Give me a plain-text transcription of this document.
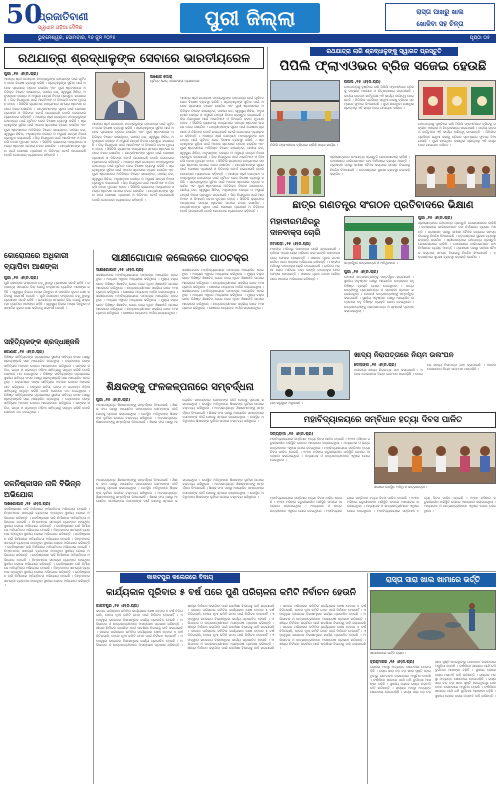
50
ପ୍ରଜାତିବାଣୀ
ସ୍ୱାଧୀନ ଓଡ଼ିଆ ଦୈନିକ	ପୁରୀ ଜିଲ୍ଲା	ରାସ୍ତା ପାଖରୁ ଖାଲ
ଖୋଳିବା ସହ ଚିନ୍ତା
ଭୁବନେଶ୍ୱର, ସୋମବାର, ୧୬ ଜୁନ ୨୦୨୫	ପୃଷ୍ଠା ୦୫
ରଥଯାତ୍ରା ଶ୍ରଦ୍ଧାଳୁଙ୍କ ସେବାରେ ଭାରତୀୟରେଳ
ପୁରୀ ,୧୫ ।୬(ନି.ପ୍ର)
ଆସନ୍ତା ଶ୍ରୀ ଜଗନ୍ନାଥ ମହାପ୍ରଭୁଙ୍କ ରଥଯାତ୍ରା ପାଇଁ ପୂର୍ବତଟ ରେଳ ବିଶେଷ ବ୍ୟବସ୍ଥା କରିଛି । ଶ୍ରଦ୍ଧାଳୁଙ୍କ ସୁବିଧା ପାଇଁ ଅନେକ ସ୍ପେସାଲ ଟ୍ରେନ ଚଳାଯିବ ଏବଂ ପୁରୀ ଷ୍ଟେସନରେ ଅତିରିକ୍ତ ଟିକେଟ କାଉଣ୍ଟର, ପାନୀୟ ଜଳ, ସ୍ୱାସ୍ଥ୍ୟ ଶିବିର, ଅନୁସନ୍ଧାନ କେନ୍ଦ୍ର ଓ ଅସ୍ଥାୟୀ ଯାତ୍ରୀ ନିବାସ ପ୍ରସ୍ତୁତ କରାଯାଇଛି । ଭିଡ଼ ନିୟନ୍ତ୍ରଣ ପାଇଁ ଆରପିଏଫ ଓ ଜିଆରପି ଜବାନ ମୁତୟନ ହେବେ । ସିସିଟିଭି କ୍ୟାମେରା ମାଧ୍ୟମରେ ସମଗ୍ର ଷ୍ଟେସନ ଉପରେ ନଜର ରଖାଯିବ । ଯାତ୍ରୀମାନଙ୍କ ସୂଚନା ପାଇଁ ଘୋଷଣା ପ୍ରଣାଳୀ ଓ ଡିଜିଟାଲ ବୋର୍ଡ ଲଗାଯାଇଛି ବୋଲି ଜେନେରାଲ ମ୍ୟାନେଜର କହିଛନ୍ତି । ଆସନ୍ତା ଶ୍ରୀ ଜଗନ୍ନାଥ ମହାପ୍ରଭୁଙ୍କ ରଥଯାତ୍ରା ପାଇଁ ପୂର୍ବତଟ ରେଳ ବିଶେଷ ବ୍ୟବସ୍ଥା କରିଛି । ଶ୍ରଦ୍ଧାଳୁଙ୍କ ସୁବିଧା ପାଇଁ ଅନେକ ସ୍ପେସାଲ ଟ୍ରେନ ଚଳାଯିବ ଏବଂ ପୁରୀ ଷ୍ଟେସନରେ ଅତିରିକ୍ତ ଟିକେଟ କାଉଣ୍ଟର, ପାନୀୟ ଜଳ, ସ୍ୱାସ୍ଥ୍ୟ ଶିବିର, ଅନୁସନ୍ଧାନ କେନ୍ଦ୍ର ଓ ଅସ୍ଥାୟୀ ଯାତ୍ରୀ ନିବାସ ପ୍ରସ୍ତୁତ କରାଯାଇଛି । ଭିଡ଼ ନିୟନ୍ତ୍ରଣ ପାଇଁ ଆରପିଏଫ ଓ ଜିଆରପି ଜବାନ ମୁତୟନ ହେବେ । ସିସିଟିଭି କ୍ୟାମେରା ମାଧ୍ୟମରେ ସମଗ୍ର ଷ୍ଟେସନ ଉପରେ ନଜର ରଖାଯିବ । ଯାତ୍ରୀମାନଙ୍କ ସୂଚନା ପାଇଁ ଘୋଷଣା ପ୍ରଣାଳୀ ଓ ଡିଜିଟାଲ ବୋର୍ଡ ଲଗାଯାଇଛି ବୋଲି ଜେନେରାଲ ମ୍ୟାନେଜର କହିଛନ୍ତି ।
ଅଶୋକ ଦୋରା
ପୂର୍ବତଟ ରେଳ, ଜେନେରାଲ ମ୍ୟାନେଜର
ଆସନ୍ତା ଶ୍ରୀ ଜଗନ୍ନାଥ ମହାପ୍ରଭୁଙ୍କ ରଥଯାତ୍ରା ପାଇଁ ପୂର୍ବତଟ ରେଳ ବିଶେଷ ବ୍ୟବସ୍ଥା କରିଛି । ଶ୍ରଦ୍ଧାଳୁଙ୍କ ସୁବିଧା ପାଇଁ ଅନେକ ସ୍ପେସାଲ ଟ୍ରେନ ଚଳାଯିବ ଏବଂ ପୁରୀ ଷ୍ଟେସନରେ ଅତିରିକ୍ତ ଟିକେଟ କାଉଣ୍ଟର, ପାନୀୟ ଜଳ, ସ୍ୱାସ୍ଥ୍ୟ ଶିବିର, ଅନୁସନ୍ଧାନ କେନ୍ଦ୍ର ଓ ଅସ୍ଥାୟୀ ଯାତ୍ରୀ ନିବାସ ପ୍ରସ୍ତୁତ କରାଯାଇଛି । ଭିଡ଼ ନିୟନ୍ତ୍ରଣ ପାଇଁ ଆରପିଏଫ ଓ ଜିଆରପି ଜବାନ ମୁତୟନ ହେବେ । ସିସିଟିଭି କ୍ୟାମେରା ମାଧ୍ୟମରେ ସମଗ୍ର ଷ୍ଟେସନ ଉପରେ ନଜର ରଖାଯିବ । ଯାତ୍ରୀମାନଙ୍କ ସୂଚନା ପାଇଁ ଘୋଷଣା ପ୍ରଣାଳୀ ଓ ଡିଜିଟାଲ ବୋର୍ଡ ଲଗାଯାଇଛି ବୋଲି ଜେନେରାଲ ମ୍ୟାନେଜର କହିଛନ୍ତି । ଆସନ୍ତା ଶ୍ରୀ ଜଗନ୍ନାଥ ମହାପ୍ରଭୁଙ୍କ ରଥଯାତ୍ରା ପାଇଁ ପୂର୍ବତଟ ରେଳ ବିଶେଷ ବ୍ୟବସ୍ଥା କରିଛି । ଶ୍ରଦ୍ଧାଳୁଙ୍କ ସୁବିଧା ପାଇଁ ଅନେକ ସ୍ପେସାଲ ଟ୍ରେନ ଚଳାଯିବ ଏବଂ ପୁରୀ ଷ୍ଟେସନରେ ଅତିରିକ୍ତ ଟିକେଟ କାଉଣ୍ଟର, ପାନୀୟ ଜଳ, ସ୍ୱାସ୍ଥ୍ୟ ଶିବିର, ଅନୁସନ୍ଧାନ କେନ୍ଦ୍ର ଓ ଅସ୍ଥାୟୀ ଯାତ୍ରୀ ନିବାସ ପ୍ରସ୍ତୁତ କରାଯାଇଛି । ଭିଡ଼ ନିୟନ୍ତ୍ରଣ ପାଇଁ ଆରପିଏଫ ଓ ଜିଆରପି ଜବାନ ମୁତୟନ ହେବେ । ସିସିଟିଭି କ୍ୟାମେରା ମାଧ୍ୟମରେ ସମଗ୍ର ଷ୍ଟେସନ ଉପରେ ନଜର ରଖାଯିବ । ଯାତ୍ରୀମାନଙ୍କ ସୂଚନା ପାଇଁ ଘୋଷଣା ପ୍ରଣାଳୀ ଓ ଡିଜିଟାଲ ବୋର୍ଡ ଲଗାଯାଇଛି ବୋଲି ଜେନେରାଲ ମ୍ୟାନେଜର କହିଛନ୍ତି ।
ଆସନ୍ତା ଶ୍ରୀ ଜଗନ୍ନାଥ ମହାପ୍ରଭୁଙ୍କ ରଥଯାତ୍ରା ପାଇଁ ପୂର୍ବତଟ ରେଳ ବିଶେଷ ବ୍ୟବସ୍ଥା କରିଛି । ଶ୍ରଦ୍ଧାଳୁଙ୍କ ସୁବିଧା ପାଇଁ ଅନେକ ସ୍ପେସାଲ ଟ୍ରେନ ଚଳାଯିବ ଏବଂ ପୁରୀ ଷ୍ଟେସନରେ ଅତିରିକ୍ତ ଟିକେଟ କାଉଣ୍ଟର, ପାନୀୟ ଜଳ, ସ୍ୱାସ୍ଥ୍ୟ ଶିବିର, ଅନୁସନ୍ଧାନ କେନ୍ଦ୍ର ଓ ଅସ୍ଥାୟୀ ଯାତ୍ରୀ ନିବାସ ପ୍ରସ୍ତୁତ କରାଯାଇଛି । ଭିଡ଼ ନିୟନ୍ତ୍ରଣ ପାଇଁ ଆରପିଏଫ ଓ ଜିଆରପି ଜବାନ ମୁତୟନ ହେବେ । ସିସିଟିଭି କ୍ୟାମେରା ମାଧ୍ୟମରେ ସମଗ୍ର ଷ୍ଟେସନ ଉପରେ ନଜର ରଖାଯିବ । ଯାତ୍ରୀମାନଙ୍କ ସୂଚନା ପାଇଁ ଘୋଷଣା ପ୍ରଣାଳୀ ଓ ଡିଜିଟାଲ ବୋର୍ଡ ଲଗାଯାଇଛି ବୋଲି ଜେନେରାଲ ମ୍ୟାନେଜର କହିଛନ୍ତି । ଆସନ୍ତା ଶ୍ରୀ ଜଗନ୍ନାଥ ମହାପ୍ରଭୁଙ୍କ ରଥଯାତ୍ରା ପାଇଁ ପୂର୍ବତଟ ରେଳ ବିଶେଷ ବ୍ୟବସ୍ଥା କରିଛି । ଶ୍ରଦ୍ଧାଳୁଙ୍କ ସୁବିଧା ପାଇଁ ଅନେକ ସ୍ପେସାଲ ଟ୍ରେନ ଚଳାଯିବ ଏବଂ ପୁରୀ ଷ୍ଟେସନରେ ଅତିରିକ୍ତ ଟିକେଟ କାଉଣ୍ଟର, ପାନୀୟ ଜଳ, ସ୍ୱାସ୍ଥ୍ୟ ଶିବିର, ଅନୁସନ୍ଧାନ କେନ୍ଦ୍ର ଓ ଅସ୍ଥାୟୀ ଯାତ୍ରୀ ନିବାସ ପ୍ରସ୍ତୁତ କରାଯାଇଛି । ଭିଡ଼ ନିୟନ୍ତ୍ରଣ ପାଇଁ ଆରପିଏଫ ଓ ଜିଆରପି ଜବାନ ମୁତୟନ ହେବେ । ସିସିଟିଭି କ୍ୟାମେରା ମାଧ୍ୟମରେ ସମଗ୍ର ଷ୍ଟେସନ ଉପରେ ନଜର ରଖାଯିବ । ଯାତ୍ରୀମାନଙ୍କ ସୂଚନା ପାଇଁ ଘୋଷଣା ପ୍ରଣାଳୀ ଓ ଡିଜିଟାଲ ବୋର୍ଡ ଲଗାଯାଇଛି ବୋଲି ଜେନେରାଲ ମ୍ୟାନେଜର କହିଛନ୍ତି । ଆସନ୍ତା ଶ୍ରୀ ଜଗନ୍ନାଥ ମହାପ୍ରଭୁଙ୍କ ରଥଯାତ୍ରା ପାଇଁ ପୂର୍ବତଟ ରେଳ ବିଶେଷ ବ୍ୟବସ୍ଥା କରିଛି । ଶ୍ରଦ୍ଧାଳୁଙ୍କ ସୁବିଧା ପାଇଁ ଅନେକ ସ୍ପେସାଲ ଟ୍ରେନ ଚଳାଯିବ ଏବଂ ପୁରୀ ଷ୍ଟେସନରେ ଅତିରିକ୍ତ ଟିକେଟ କାଉଣ୍ଟର, ପାନୀୟ ଜଳ, ସ୍ୱାସ୍ଥ୍ୟ ଶିବିର, ଅନୁସନ୍ଧାନ କେନ୍ଦ୍ର ଓ ଅସ୍ଥାୟୀ ଯାତ୍ରୀ ନିବାସ ପ୍ରସ୍ତୁତ କରାଯାଇଛି । ଭିଡ଼ ନିୟନ୍ତ୍ରଣ ପାଇଁ ଆରପିଏଫ ଓ ଜିଆରପି ଜବାନ ମୁତୟନ ହେବେ । ସିସିଟିଭି କ୍ୟାମେରା ମାଧ୍ୟମରେ ସମଗ୍ର ଷ୍ଟେସନ ଉପରେ ନଜର ରଖାଯିବ । ଯାତ୍ରୀମାନଙ୍କ ସୂଚନା ପାଇଁ ଘୋଷଣା ପ୍ରଣାଳୀ ଓ ଡିଜିଟାଲ ବୋର୍ଡ ଲଗାଯାଇଛି ବୋଲି ଜେନେରାଲ ମ୍ୟାନେଜର କହିଛନ୍ତି ।
ରଥଯାତ୍ରା ଲାଗି ଶ୍ରଦ୍ଧାଳୁଙ୍କୁ ସ୍ୱାଗତ ପ୍ରସ୍ତୁତି
ପିପିଲି ଫ୍ଲାଏଓଭର ବ୍ରିଜ ସଜେଇ ହେଉଛି
ପିପିଲି ଫ୍ଲାଏଓଭର ବ୍ରିଜରେ ଚାଲିଛି ସଜ୍ଜା କାର୍ଯ୍ୟ ।
ପିପିଲି ,୧୫ ।୬(ନି.ପ୍ର)
ରଥଯାତ୍ରାକୁ ଦୃଷ୍ଟିରେ ରଖି ପିପିଲି ଫ୍ଲାଏଓଭର ବ୍ରିଜକୁ ରଙ୍ଗୀନ ଆଲୋକ ଓ ଚିତ୍ରକଳାରେ ସଜାଯାଉଛି । ଜାତୀୟ ରାଜପଥ କର୍ତ୍ତୃପକ୍ଷ ଏହି କାର୍ଯ୍ୟ ଦାୟିତ୍ୱ ନେଇଛନ୍ତି । ପିପିଲିର ପ୍ରସିଦ୍ଧ ଚାନ୍ଦୁଆ କଳାକୁ ବ୍ରିଜର ସ୍ତମ୍ଭରେ ଫୁଟାଇ ଦିଆଯାଉଛି । ପୁରୀ ଯାଉଥିବା ଲକ୍ଷାଧିକ ଶ୍ରଦ୍ଧାଳୁ ଏହି ରାସ୍ତା ଦେଇ ଯାତାୟାତ କରିବେ ।
ରଥଯାତ୍ରାକୁ ଦୃଷ୍ଟିରେ ରଖି ପିପିଲି ଫ୍ଲାଏଓଭର ବ୍ରିଜକୁ ରଙ୍ଗୀନ ଆଲୋକ ଓ ଚିତ୍ରକଳାରେ ସଜାଯାଉଛି । ଜାତୀୟ ରାଜପଥ କର୍ତ୍ତୃପକ୍ଷ ଏହି କାର୍ଯ୍ୟ ଦାୟିତ୍ୱ ନେଇଛନ୍ତି । ପିପିଲିର ପ୍ରସିଦ୍ଧ ଚାନ୍ଦୁଆ କଳାକୁ ବ୍ରିଜର ସ୍ତମ୍ଭରେ ଫୁଟାଇ ଦିଆଯାଉଛି । ପୁରୀ ଯାଉଥିବା ଲକ୍ଷାଧିକ ଶ୍ରଦ୍ଧାଳୁ ଏହି ରାସ୍ତା ଦେଇ ଯାତାୟାତ କରିବେ ।
ଶ୍ରୀକ୍ଷେତ୍ରରେ ରଥଯାତ୍ରା ପ୍ରସ୍ତୁତି ଜୋରସୋରରେ ଚାଲିଛି । ରଥଖଳାରେ କାରିଗରମାନେ ରଥ ନିର୍ମାଣରେ ବ୍ୟସ୍ତ ଅଛନ୍ତି । ପ୍ରଶାସନ ପକ୍ଷରୁ ସମୀକ୍ଷା ବୈଠକ କରାଯାଇ ସମସ୍ତ ବିଭାଗକୁ ନିର୍ଦ୍ଦେଶ ଦିଆଯାଇଛି । ବଡ଼ଦାଣ୍ଡରେ ସୁରକ୍ଷା ବ୍ୟବସ୍ଥା କଡ଼ାକଡ଼ି କରାଯିବ ।
ଛାତ୍ର ଗଣତନ୍ତ୍ର ସଂଗଠନ ପ୍ରତିବାଦରେ ଭିକ୍ଷାଣ
ମହାବୀରମନ୍ଦିରରୁ ଦାନବାକ୍ସ ଚୋରି
ନିମାପଡ଼ା ,୧୫ ।୬(ନି.ପ୍ର)
ମହାବୀର ମନ୍ଦିରରୁ ଦାନବାକ୍ସ ଚୋରି ହୋଇଯାଇଛି । ରାତିରେ ଅଜଣା ଚୋର ମନ୍ଦିରର ତାଲା ଭାଙ୍ଗି ଦାନବାକ୍ସ ନେଇ ଫେରାର ହୋଇଛନ୍ତି । ସକାଳେ ପୂଜକ ଘଟଣା ଜାଣିବା ପରେ ଥାନାରେ ଅଭିଯୋଗ କରିଛନ୍ତି । ମହାବୀର ମନ୍ଦିରରୁ ଦାନବାକ୍ସ ଚୋରି ହୋଇଯାଇଛି । ରାତିରେ ଅଜଣା ଚୋର ମନ୍ଦିରର ତାଲା ଭାଙ୍ଗି ଦାନବାକ୍ସ ନେଇ ଫେରାର ହୋଇଛନ୍ତି । ସକାଳେ ପୂଜକ ଘଟଣା ଜାଣିବା ପରେ ଥାନାରେ ଅଭିଯୋଗ କରିଛନ୍ତି ।
ସମ୍ବର୍ଦ୍ଧିତ ଛାତ୍ରଛାତ୍ରୀ ଓ ଅତିଥିମାନେ ।
ପୁରୀ ,୧୫ ।୬(ନି.ପ୍ର)
ମେଧାବୀ ଛାତ୍ରଛାତ୍ରୀଙ୍କୁ ସମ୍ବର୍ଦ୍ଧିତ କରାଯାଇଛି । ସ୍ଥାନୀୟ ଅନୁଷ୍ଠାନ ପକ୍ଷରୁ ଆୟୋଜିତ ଉତ୍ସବରେ ବହୁ ବିଶିଷ୍ଟ ବ୍ୟକ୍ତି ଯୋଗ ଦେଇଥିଲେ । ଛାତ୍ରଛାତ୍ରୀଙ୍କୁ ପ୍ରମାଣପତ୍ର ଓ ସ୍ମାରକୀ ପ୍ରଦାନ କରାଯାଇଥିଲା । ମେଧାବୀ ଛାତ୍ରଛାତ୍ରୀଙ୍କୁ ସମ୍ବର୍ଦ୍ଧିତ କରାଯାଇଛି । ସ୍ଥାନୀୟ ଅନୁଷ୍ଠାନ ପକ୍ଷରୁ ଆୟୋଜିତ ଉତ୍ସବରେ ବହୁ ବିଶିଷ୍ଟ ବ୍ୟକ୍ତି ଯୋଗ ଦେଇଥିଲେ । ଛାତ୍ରଛାତ୍ରୀଙ୍କୁ ପ୍ରମାଣପତ୍ର ଓ ସ୍ମାରକୀ ପ୍ରଦାନ କରାଯାଇଥିଲା ।
ପୁରୀ ,୧୫ ।୬(ନି.ପ୍ର)
ଶ୍ରୀକ୍ଷେତ୍ରରେ ରଥଯାତ୍ରା ପ୍ରସ୍ତୁତି ଜୋରସୋରରେ ଚାଲିଛି । ରଥଖଳାରେ କାରିଗରମାନେ ରଥ ନିର୍ମାଣରେ ବ୍ୟସ୍ତ ଅଛନ୍ତି । ପ୍ରଶାସନ ପକ୍ଷରୁ ସମୀକ୍ଷା ବୈଠକ କରାଯାଇ ସମସ୍ତ ବିଭାଗକୁ ନିର୍ଦ୍ଦେଶ ଦିଆଯାଇଛି । ବଡ଼ଦାଣ୍ଡରେ ସୁରକ୍ଷା ବ୍ୟବସ୍ଥା କଡ଼ାକଡ଼ି କରାଯିବ । ଶ୍ରୀକ୍ଷେତ୍ରରେ ରଥଯାତ୍ରା ପ୍ରସ୍ତୁତି ଜୋରସୋରରେ ଚାଲିଛି । ରଥଖଳାରେ କାରିଗରମାନେ ରଥ ନିର୍ମାଣରେ ବ୍ୟସ୍ତ ଅଛନ୍ତି । ପ୍ରଶାସନ ପକ୍ଷରୁ ସମୀକ୍ଷା ବୈଠକ କରାଯାଇ ସମସ୍ତ ବିଭାଗକୁ ନିର୍ଦ୍ଦେଶ ଦିଆଯାଇଛି । ବଡ଼ଦାଣ୍ଡରେ ସୁରକ୍ଷା ବ୍ୟବସ୍ଥା କଡ଼ାକଡ଼ି କରାଯିବ ।
ସାକ୍ଷୀଗୋପାଳ କଲେଜରେ ପାଠଚକ୍ର
ସାକ୍ଷୀଗୋପାଳ ,୧୫ ।୬(ନି.ପ୍ର)
ସାକ୍ଷୀଗୋପାଳ ମହାବିଦ୍ୟାଳୟରେ ପାଠଚକ୍ର ଆୟୋଜିତ ହୋଇଥିଲା । ଅଧ୍ୟକ୍ଷ ଏଥିରେ ଅଧ୍ୟକ୍ଷତା କରିଥିଲେ । ମୁଖ୍ୟ ବକ୍ତା ଭାବେ ବିଶିଷ୍ଟ ଶିକ୍ଷାବିତ୍ ଯୋଗ ଦେଇ ନୂତନ ଶିକ୍ଷାନୀତି ଉପରେ ଆଲୋଚନା କରିଥିଲେ । ଛାତ୍ରଛାତ୍ରୀମାନେ ସକ୍ରିୟ ଭାବେ ଅଂଶଗ୍ରହଣ କରିଥିଲେ । ଶେଷରେ ଧନ୍ୟବାଦ ଅର୍ପଣ କରାଯାଇଥିଲା । ସାକ୍ଷୀଗୋପାଳ ମହାବିଦ୍ୟାଳୟରେ ପାଠଚକ୍ର ଆୟୋଜିତ ହୋଇଥିଲା । ଅଧ୍ୟକ୍ଷ ଏଥିରେ ଅଧ୍ୟକ୍ଷତା କରିଥିଲେ । ମୁଖ୍ୟ ବକ୍ତା ଭାବେ ବିଶିଷ୍ଟ ଶିକ୍ଷାବିତ୍ ଯୋଗ ଦେଇ ନୂତନ ଶିକ୍ଷାନୀତି ଉପରେ ଆଲୋଚନା କରିଥିଲେ । ଛାତ୍ରଛାତ୍ରୀମାନେ ସକ୍ରିୟ ଭାବେ ଅଂଶଗ୍ରହଣ କରିଥିଲେ । ଶେଷରେ ଧନ୍ୟବାଦ ଅର୍ପଣ କରାଯାଇଥିଲା ।
ସାକ୍ଷୀଗୋପାଳ ମହାବିଦ୍ୟାଳୟରେ ପାଠଚକ୍ର ଆୟୋଜିତ ହୋଇଥିଲା । ଅଧ୍ୟକ୍ଷ ଏଥିରେ ଅଧ୍ୟକ୍ଷତା କରିଥିଲେ । ମୁଖ୍ୟ ବକ୍ତା ଭାବେ ବିଶିଷ୍ଟ ଶିକ୍ଷାବିତ୍ ଯୋଗ ଦେଇ ନୂତନ ଶିକ୍ଷାନୀତି ଉପରେ ଆଲୋଚନା କରିଥିଲେ । ଛାତ୍ରଛାତ୍ରୀମାନେ ସକ୍ରିୟ ଭାବେ ଅଂଶଗ୍ରହଣ କରିଥିଲେ । ଶେଷରେ ଧନ୍ୟବାଦ ଅର୍ପଣ କରାଯାଇଥିଲା । ସାକ୍ଷୀଗୋପାଳ ମହାବିଦ୍ୟାଳୟରେ ପାଠଚକ୍ର ଆୟୋଜିତ ହୋଇଥିଲା । ଅଧ୍ୟକ୍ଷ ଏଥିରେ ଅଧ୍ୟକ୍ଷତା କରିଥିଲେ । ମୁଖ୍ୟ ବକ୍ତା ଭାବେ ବିଶିଷ୍ଟ ଶିକ୍ଷାବିତ୍ ଯୋଗ ଦେଇ ନୂତନ ଶିକ୍ଷାନୀତି ଉପରେ ଆଲୋଚନା କରିଥିଲେ । ଛାତ୍ରଛାତ୍ରୀମାନେ ସକ୍ରିୟ ଭାବେ ଅଂଶଗ୍ରହଣ କରିଥିଲେ । ଶେଷରେ ଧନ୍ୟବାଦ ଅର୍ପଣ କରାଯାଇଥିଲା ।
କୋରୋନାରେ ଅଧିକାରୀ ବ୍ୟାପିବା ଆଶଙ୍କା
ପୁରୀ ,୧୫ ।୬(ନି.ପ୍ର)
ପୁଣି କୋରୋନା ସଂକ୍ରମଣ ବଢ଼ୁଥିବାରୁ ପ୍ରଶାସନ ସତର୍କ ରହିଛି । ରଥଯାତ୍ରା ସମୟରେ ଭିଡ଼ ଯୋଗୁଁ ସଂକ୍ରମଣ ବ୍ୟାପିବା ଆଶଙ୍କା ରହିଛି । ସ୍ୱାସ୍ଥ୍ୟ ବିଭାଗ ମାସ୍କ ପିନ୍ଧିବା ଓ ସାମାଜିକ ଦୂରତା ରକ୍ଷା କରିବାକୁ ପରାମର୍ଶ ଦେଇଛି । ପୁଣି କୋରୋନା ସଂକ୍ରମଣ ବଢ଼ୁଥିବାରୁ ପ୍ରଶାସନ ସତର୍କ ରହିଛି । ରଥଯାତ୍ରା ସମୟରେ ଭିଡ଼ ଯୋଗୁଁ ସଂକ୍ରମଣ ବ୍ୟାପିବା ଆଶଙ୍କା ରହିଛି । ସ୍ୱାସ୍ଥ୍ୟ ବିଭାଗ ମାସ୍କ ପିନ୍ଧିବା ଓ ସାମାଜିକ ଦୂରତା ରକ୍ଷା କରିବାକୁ ପରାମର୍ଶ ଦେଇଛି ।
ସାହିତ୍ୟିକଙ୍କ ଶ୍ରଦ୍ଧାଞ୍ଜଳି
କୋଣାର୍କ ,୧୫ ।୬(ନି.ପ୍ର)
ବିଶିଷ୍ଟ ସାହିତ୍ୟିକଙ୍କ ପ୍ରୟାଣରେ ସ୍ଥାନୀୟ ସାହିତ୍ୟ ସଂସଦ ପକ୍ଷରୁ ଶ୍ରଦ୍ଧାଞ୍ଜଳି ସଭା ଆୟୋଜିତ ହୋଇଥିଲା । ବକ୍ତାମାନେ ତାଙ୍କ ସାହିତ୍ୟିକ ଅବଦାନ ଉପରେ ଆଲୋକପାତ କରିଥିଲେ । ତାଙ୍କର କବିତା, ଗଳ୍ପ ଓ ପ୍ରବନ୍ଧ ଓଡ଼ିଆ ସାହିତ୍ୟକୁ ସମୃଦ୍ଧ କରିଛି ବୋଲି ସେମାନେ ମତ ଦେଇଥିଲେ । ବିଶିଷ୍ଟ ସାହିତ୍ୟିକଙ୍କ ପ୍ରୟାଣରେ ସ୍ଥାନୀୟ ସାହିତ୍ୟ ସଂସଦ ପକ୍ଷରୁ ଶ୍ରଦ୍ଧାଞ୍ଜଳି ସଭା ଆୟୋଜିତ ହୋଇଥିଲା । ବକ୍ତାମାନେ ତାଙ୍କ ସାହିତ୍ୟିକ ଅବଦାନ ଉପରେ ଆଲୋକପାତ କରିଥିଲେ । ତାଙ୍କର କବିତା, ଗଳ୍ପ ଓ ପ୍ରବନ୍ଧ ଓଡ଼ିଆ ସାହିତ୍ୟକୁ ସମୃଦ୍ଧ କରିଛି ବୋଲି ସେମାନେ ମତ ଦେଇଥିଲେ । ବିଶିଷ୍ଟ ସାହିତ୍ୟିକଙ୍କ ପ୍ରୟାଣରେ ସ୍ଥାନୀୟ ସାହିତ୍ୟ ସଂସଦ ପକ୍ଷରୁ ଶ୍ରଦ୍ଧାଞ୍ଜଳି ସଭା ଆୟୋଜିତ ହୋଇଥିଲା । ବକ୍ତାମାନେ ତାଙ୍କ ସାହିତ୍ୟିକ ଅବଦାନ ଉପରେ ଆଲୋକପାତ କରିଥିଲେ । ତାଙ୍କର କବିତା, ଗଳ୍ପ ଓ ପ୍ରବନ୍ଧ ଓଡ଼ିଆ ସାହିତ୍ୟକୁ ସମୃଦ୍ଧ କରିଛି ବୋଲି ସେମାନେ ମତ ଦେଇଥିଲେ ।
ଶିକ୍ଷକଙ୍କୁ ଫଳକଳ୍ପନାରେ ସମ୍ବର୍ଦ୍ଧନା
ପୁରୀ ,୧୫ ।୬(ନି.ପ୍ର)
ଅବସରପ୍ରାପ୍ତ ଶିକ୍ଷକମାନଙ୍କୁ ସମ୍ବର୍ଦ୍ଧନା ଦିଆଯାଇଛି । ଶିକ୍ଷକ ସଂଘ ପକ୍ଷରୁ ଆୟୋଜିତ ସମାରୋହରେ ସେମାନଙ୍କ ଦୀର୍ଘ ସେବାକୁ ସ୍ମରଣ କରାଯାଇଥିଲା । ଉପସ୍ଥିତ ଅତିଥିମାନେ ଶିକ୍ଷକଙ୍କ ଭୂମିକା ଉପରେ ବକ୍ତବ୍ୟ ରଖିଥିଲେ । ଅବସରପ୍ରାପ୍ତ ଶିକ୍ଷକମାନଙ୍କୁ ସମ୍ବର୍ଦ୍ଧନା ଦିଆଯାଇଛି । ଶିକ୍ଷକ ସଂଘ ପକ୍ଷରୁ ଆୟୋଜିତ ସମାରୋହରେ ସେମାନଙ୍କ ଦୀର୍ଘ ସେବାକୁ ସ୍ମରଣ କରାଯାଇଥିଲା । ଉପସ୍ଥିତ ଅତିଥିମାନେ ଶିକ୍ଷକଙ୍କ ଭୂମିକା ଉପରେ ବକ୍ତବ୍ୟ ରଖିଥିଲେ । ଅବସରପ୍ରାପ୍ତ ଶିକ୍ଷକମାନଙ୍କୁ ସମ୍ବର୍ଦ୍ଧନା ଦିଆଯାଇଛି । ଶିକ୍ଷକ ସଂଘ ପକ୍ଷରୁ ଆୟୋଜିତ ସମାରୋହରେ ସେମାନଙ୍କ ଦୀର୍ଘ ସେବାକୁ ସ୍ମରଣ କରାଯାଇଥିଲା । ଉପସ୍ଥିତ ଅତିଥିମାନେ ଶିକ୍ଷକଙ୍କ ଭୂମିକା ଉପରେ ବକ୍ତବ୍ୟ ରଖିଥିଲେ ।
ଖାଦ୍ୟ ନିରାପତ୍ତାରେ ନିୟମ ଉଲଂଘନ
ଡେଲାଙ୍ଗ ,୧୫ ।୬(ନି.ପ୍ର)
ବଜାରରେ ଖାଦ୍ୟ ନିରାପତ୍ତା ଯାଞ୍ଚ କରାଯାଇଛି । ଅନେକ ଦୋକାନରେ ନିୟମ ଉଲଂଘନ ଧରାପଡ଼ିଛି । ବଜାରରେ ଖାଦ୍ୟ ନିରାପତ୍ତା ଯାଞ୍ଚ କରାଯାଇଛି । ଅନେକ ଦୋକାନରେ ନିୟମ ଉଲଂଘନ ଧରାପଡ଼ିଛି ।
ଯାଞ୍ଚ କରୁଥିବା ଅଧିକାରୀ ।
ଜଳନିଷ୍କାସନ ନାଳି ବିଭିନ୍ନ ଅଭିଯୋଗ
ସାଖିଗୋପାଳ ,୧୫ ।୬(ନି.ପ୍ର)
ଜଳନିଷ୍କାସନ ନାଳି ନିର୍ମାଣରେ ଅନିୟମିତତା ଅଭିଯୋଗ ହୋଇଛି । ନିମ୍ନମାନର ସାମଗ୍ରୀ ବ୍ୟବହାର ହେଉଥିବା ସ୍ଥାନୀୟ ଲୋକେ ଅଭିଯୋଗ କରିଛନ୍ତି । ଜଳନିଷ୍କାସନ ନାଳି ନିର୍ମାଣରେ ଅନିୟମିତତା ଅଭିଯୋଗ ହୋଇଛି । ନିମ୍ନମାନର ସାମଗ୍ରୀ ବ୍ୟବହାର ହେଉଥିବା ସ୍ଥାନୀୟ ଲୋକେ ଅଭିଯୋଗ କରିଛନ୍ତି । ଜଳନିଷ୍କାସନ ନାଳି ନିର୍ମାଣରେ ଅନିୟମିତତା ଅଭିଯୋଗ ହୋଇଛି । ନିମ୍ନମାନର ସାମଗ୍ରୀ ବ୍ୟବହାର ହେଉଥିବା ସ୍ଥାନୀୟ ଲୋକେ ଅଭିଯୋଗ କରିଛନ୍ତି । ଜଳନିଷ୍କାସନ ନାଳି ନିର୍ମାଣରେ ଅନିୟମିତତା ଅଭିଯୋଗ ହୋଇଛି । ନିମ୍ନମାନର ସାମଗ୍ରୀ ବ୍ୟବହାର ହେଉଥିବା ସ୍ଥାନୀୟ ଲୋକେ ଅଭିଯୋଗ କରିଛନ୍ତି । ଜଳନିଷ୍କାସନ ନାଳି ନିର୍ମାଣରେ ଅନିୟମିତତା ଅଭିଯୋଗ ହୋଇଛି । ନିମ୍ନମାନର ସାମଗ୍ରୀ ବ୍ୟବହାର ହେଉଥିବା ସ୍ଥାନୀୟ ଲୋକେ ଅଭିଯୋଗ କରିଛନ୍ତି । ଜଳନିଷ୍କାସନ ନାଳି ନିର୍ମାଣରେ ଅନିୟମିତତା ଅଭିଯୋଗ ହୋଇଛି । ନିମ୍ନମାନର ସାମଗ୍ରୀ ବ୍ୟବହାର ହେଉଥିବା ସ୍ଥାନୀୟ ଲୋକେ ଅଭିଯୋଗ କରିଛନ୍ତି । ଜଳନିଷ୍କାସନ ନାଳି ନିର୍ମାଣରେ ଅନିୟମିତତା ଅଭିଯୋଗ ହୋଇଛି । ନିମ୍ନମାନର ସାମଗ୍ରୀ ବ୍ୟବହାର ହେଉଥିବା ସ୍ଥାନୀୟ ଲୋକେ ଅଭିଯୋଗ କରିଛନ୍ତି । ଜଳନିଷ୍କାସନ ନାଳି ନିର୍ମାଣରେ ଅନିୟମିତତା ଅଭିଯୋଗ ହୋଇଛି । ନିମ୍ନମାନର ସାମଗ୍ରୀ ବ୍ୟବହାର ହେଉଥିବା ସ୍ଥାନୀୟ ଲୋକେ ଅଭିଯୋଗ କରିଛନ୍ତି ।
ମହାବିଦ୍ୟାଳୟରେ ସମ୍ବିଧାନ ହତ୍ୟା ଦିବସ ପାଳିତ
ସତ୍ୟବାଦୀ ,୧୫ ।୬(ନି.ପ୍ର)
ମହାବିଦ୍ୟାଳୟରେ ସମ୍ବିଧାନ ହତ୍ୟା ଦିବସ ପାଳିତ ହୋଇଛି । ୧୯୭୫ ମସିହାର ଜରୁରୀକାଳୀନ ପରିସ୍ଥିତି ଉପରେ ଆଲୋଚନା କରାଯାଇଥିଲା । ଅଧ୍ୟାପକ ଓ ଛାତ୍ରଛାତ୍ରୀମାନେ ଏଥିରେ ଯୋଗ ଦେଇଥିଲେ । ମହାବିଦ୍ୟାଳୟରେ ସମ୍ବିଧାନ ହତ୍ୟା ଦିବସ ପାଳିତ ହୋଇଛି । ୧୯୭୫ ମସିହାର ଜରୁରୀକାଳୀନ ପରିସ୍ଥିତି ଉପରେ ଆଲୋଚନା କରାଯାଇଥିଲା । ଅଧ୍ୟାପକ ଓ ଛାତ୍ରଛାତ୍ରୀମାନେ ଏଥିରେ ଯୋଗ ଦେଇଥିଲେ ।
ସଭାରେ ଉପସ୍ଥିତ ଅତିଥି ଓ ଛାତ୍ରଛାତ୍ରୀ ।
କାକଟପୁର କଲେଜରେ ବିଦାୟ
କାର୍ଯ୍ୟକାଳ ପୂରିବାର ୫ ବର୍ଷ ପରେ ପୁଣି ପରିଚାଳନା କମିଟି ନିର୍ବାଚନ ହେଉନି
କାକଟପୁର ,୧୫ ।୬(ନି.ପ୍ର)
କଲେଜ ପରିଚାଳନା କମିଟିର କାର୍ଯ୍ୟକାଳ ଶେଷ ହେବାର ୫ ବର୍ଷ ବିତିଗଲାଣି, ହେଲେ ନୂଆ କମିଟି ଗଠନ ପାଇଁ ନିର୍ବାଚନ ହେଉନାହିଁ । ଏହାଦ୍ୱାରା କଲେଜର ବିକାଶମୂଳକ କାର୍ଯ୍ୟ ପ୍ରଭାବିତ ହେଉଛି । ଅଭିଭାବକ ଓ ଛାତ୍ରଛାତ୍ରୀମାନେ ଅସନ୍ତୋଷ ପ୍ରକାଶ କରିଛନ୍ତି । ଶୀଘ୍ର ନିର୍ବାଚନ କରାଯିବା ପାଇଁ ଉଚ୍ଚଶିକ୍ଷା ବିଭାଗକୁ ଦାବି କରାଯାଇଛି । କଲେଜ ପରିଚାଳନା କମିଟିର କାର୍ଯ୍ୟକାଳ ଶେଷ ହେବାର ୫ ବର୍ଷ ବିତିଗଲାଣି, ହେଲେ ନୂଆ କମିଟି ଗଠନ ପାଇଁ ନିର୍ବାଚନ ହେଉନାହିଁ । ଏହାଦ୍ୱାରା କଲେଜର ବିକାଶମୂଳକ କାର୍ଯ୍ୟ ପ୍ରଭାବିତ ହେଉଛି । ଅଭିଭାବକ ଓ ଛାତ୍ରଛାତ୍ରୀମାନେ ଅସନ୍ତୋଷ ପ୍ରକାଶ କରିଛନ୍ତି । ଶୀଘ୍ର ନିର୍ବାଚନ କରାଯିବା ପାଇଁ ଉଚ୍ଚଶିକ୍ଷା ବିଭାଗକୁ ଦାବି କରାଯାଇଛି । କଲେଜ ପରିଚାଳନା କମିଟିର କାର୍ଯ୍ୟକାଳ ଶେଷ ହେବାର ୫ ବର୍ଷ ବିତିଗଲାଣି, ହେଲେ ନୂଆ କମିଟି ଗଠନ ପାଇଁ ନିର୍ବାଚନ ହେଉନାହିଁ । ଏହାଦ୍ୱାରା କଲେଜର ବିକାଶମୂଳକ କାର୍ଯ୍ୟ ପ୍ରଭାବିତ ହେଉଛି । ଅଭିଭାବକ ଓ ଛାତ୍ରଛାତ୍ରୀମାନେ ଅସନ୍ତୋଷ ପ୍ରକାଶ କରିଛନ୍ତି । ଶୀଘ୍ର ନିର୍ବାଚନ କରାଯିବା ପାଇଁ ଉଚ୍ଚଶିକ୍ଷା ବିଭାଗକୁ ଦାବି କରାଯାଇଛି । କଲେଜ ପରିଚାଳନା କମିଟିର କାର୍ଯ୍ୟକାଳ ଶେଷ ହେବାର ୫ ବର୍ଷ ବିତିଗଲାଣି, ହେଲେ ନୂଆ କମିଟି ଗଠନ ପାଇଁ ନିର୍ବାଚନ ହେଉନାହିଁ । ଏହାଦ୍ୱାରା କଲେଜର ବିକାଶମୂଳକ କାର୍ଯ୍ୟ ପ୍ରଭାବିତ ହେଉଛି । ଅଭିଭାବକ ଓ ଛାତ୍ରଛାତ୍ରୀମାନେ ଅସନ୍ତୋଷ ପ୍ରକାଶ କରିଛନ୍ତି । ଶୀଘ୍ର ନିର୍ବାଚନ କରାଯିବା ପାଇଁ ଉଚ୍ଚଶିକ୍ଷା ବିଭାଗକୁ ଦାବି କରାଯାଇଛି । କଲେଜ ପରିଚାଳନା କମିଟିର କାର୍ଯ୍ୟକାଳ ଶେଷ ହେବାର ୫ ବର୍ଷ ବିତିଗଲାଣି, ହେଲେ ନୂଆ କମିଟି ଗଠନ ପାଇଁ ନିର୍ବାଚନ ହେଉନାହିଁ । ଏହାଦ୍ୱାରା କଲେଜର ବିକାଶମୂଳକ କାର୍ଯ୍ୟ ପ୍ରଭାବିତ ହେଉଛି । ଅଭିଭାବକ ଓ ଛାତ୍ରଛାତ୍ରୀମାନେ ଅସନ୍ତୋଷ ପ୍ରକାଶ କରିଛନ୍ତି । ଶୀଘ୍ର ନିର୍ବାଚନ କରାଯିବା ପାଇଁ ଉଚ୍ଚଶିକ୍ଷା ବିଭାଗକୁ ଦାବି କରାଯାଇଛି । କଲେଜ ପରିଚାଳନା କମିଟିର କାର୍ଯ୍ୟକାଳ ଶେଷ ହେବାର ୫ ବର୍ଷ ବିତିଗଲାଣି, ହେଲେ ନୂଆ କମିଟି ଗଠନ ପାଇଁ ନିର୍ବାଚନ ହେଉନାହିଁ । ଏହାଦ୍ୱାରା କଲେଜର ବିକାଶମୂଳକ କାର୍ଯ୍ୟ ପ୍ରଭାବିତ ହେଉଛି । ଅଭିଭାବକ ଓ ଛାତ୍ରଛାତ୍ରୀମାନେ ଅସନ୍ତୋଷ ପ୍ରକାଶ କରିଛନ୍ତି । ଶୀଘ୍ର ନିର୍ବାଚନ କରାଯିବା ପାଇଁ ଉଚ୍ଚଶିକ୍ଷା ବିଭାଗକୁ ଦାବି କରାଯାଇଛି ।
ଅବସରପ୍ରାପ୍ତ ଶିକ୍ଷକମାନଙ୍କୁ ସମ୍ବର୍ଦ୍ଧନା ଦିଆଯାଇଛି । ଶିକ୍ଷକ ସଂଘ ପକ୍ଷରୁ ଆୟୋଜିତ ସମାରୋହରେ ସେମାନଙ୍କ ଦୀର୍ଘ ସେବାକୁ ସ୍ମରଣ କରାଯାଇଥିଲା । ଉପସ୍ଥିତ ଅତିଥିମାନେ ଶିକ୍ଷକଙ୍କ ଭୂମିକା ଉପରେ ବକ୍ତବ୍ୟ ରଖିଥିଲେ । ଅବସରପ୍ରାପ୍ତ ଶିକ୍ଷକମାନଙ୍କୁ ସମ୍ବର୍ଦ୍ଧନା ଦିଆଯାଇଛି । ଶିକ୍ଷକ ସଂଘ ପକ୍ଷରୁ ଆୟୋଜିତ ସମାରୋହରେ ସେମାନଙ୍କ ଦୀର୍ଘ ସେବାକୁ ସ୍ମରଣ କରାଯାଇଥିଲା । ଉପସ୍ଥିତ ଅତିଥିମାନେ ଶିକ୍ଷକଙ୍କ ଭୂମିକା ଉପରେ ବକ୍ତବ୍ୟ ରଖିଥିଲେ । ଅବସରପ୍ରାପ୍ତ ଶିକ୍ଷକମାନଙ୍କୁ ସମ୍ବର୍ଦ୍ଧନା ଦିଆଯାଇଛି । ଶିକ୍ଷକ ସଂଘ ପକ୍ଷରୁ ଆୟୋଜିତ ସମାରୋହରେ ସେମାନଙ୍କ ଦୀର୍ଘ ସେବାକୁ ସ୍ମରଣ କରାଯାଇଥିଲା । ଉପସ୍ଥିତ ଅତିଥିମାନେ ଶିକ୍ଷକଙ୍କ ଭୂମିକା ଉପରେ ବକ୍ତବ୍ୟ ରଖିଥିଲେ ।	ମହାବିଦ୍ୟାଳୟରେ ସମ୍ବିଧାନ ହତ୍ୟା ଦିବସ ପାଳିତ ହୋଇଛି । ୧୯୭୫ ମସିହାର ଜରୁରୀକାଳୀନ ପରିସ୍ଥିତି ଉପରେ ଆଲୋଚନା କରାଯାଇଥିଲା । ଅଧ୍ୟାପକ ଓ ଛାତ୍ରଛାତ୍ରୀମାନେ ଏଥିରେ ଯୋଗ ଦେଇଥିଲେ । ମହାବିଦ୍ୟାଳୟରେ ସମ୍ବିଧାନ ହତ୍ୟା ଦିବସ ପାଳିତ ହୋଇଛି । ୧୯୭୫ ମସିହାର ଜରୁରୀକାଳୀନ ପରିସ୍ଥିତି ଉପରେ ଆଲୋଚନା କରାଯାଇଥିଲା । ଅଧ୍ୟାପକ ଓ ଛାତ୍ରଛାତ୍ରୀମାନେ ଏଥିରେ ଯୋଗ ଦେଇଥିଲେ । ମହାବିଦ୍ୟାଳୟରେ ସମ୍ବିଧାନ ହତ୍ୟା ଦିବସ ପାଳିତ ହୋଇଛି । ୧୯୭୫ ମସିହାର ଜରୁରୀକାଳୀନ ପରିସ୍ଥିତି ଉପରେ ଆଲୋଚନା କରାଯାଇଥିଲା । ଅଧ୍ୟାପକ ଓ ଛାତ୍ରଛାତ୍ରୀମାନେ ଏଥିରେ ଯୋଗ ଦେଇଥିଲେ ।
ରାସ୍ତା ସାରା ଖାଲ ଖାମାରେ ଭର୍ତ୍ତି
ଖାଲଖମାରେ ଭର୍ତ୍ତି ରାସ୍ତା ।
ବ୍ରହ୍ମଗିରି ,୧୫ ।୬(ନି.ପ୍ର)
ରାସ୍ତାର ଅବସ୍ଥା ଅତ୍ୟନ୍ତ ଶୋଚନୀୟ ହୋଇପଡ଼ିଛି । ରାସ୍ତା ସାରା ବଡ଼ ବଡ଼ ଖାଲ ସୃଷ୍ଟି ହୋଇଥିବାରୁ ଯାନବାହନ ଚଳାଚଳରେ ଅସୁବିଧା ହେଉଛି । ବର୍ଷାଦିନେ ଖାଲରେ ପାଣି ଜମି ଦୁର୍ଘଟଣା ଆଶଙ୍କା ବଢ଼ିଛି । ସ୍ଥାନୀୟ ଲୋକେ ରାସ୍ତା ମରାମତି ଦାବି କରିଛନ୍ତି । ରାସ୍ତାର ଅବସ୍ଥା ଅତ୍ୟନ୍ତ ଶୋଚନୀୟ ହୋଇପଡ଼ିଛି । ରାସ୍ତା ସାରା ବଡ଼ ବଡ଼ ଖାଲ ସୃଷ୍ଟି ହୋଇଥିବାରୁ ଯାନବାହନ ଚଳାଚଳରେ ଅସୁବିଧା ହେଉଛି । ବର୍ଷାଦିନେ ଖାଲରେ ପାଣି ଜମି ଦୁର୍ଘଟଣା ଆଶଙ୍କା ବଢ଼ିଛି । ସ୍ଥାନୀୟ ଲୋକେ ରାସ୍ତା ମରାମତି ଦାବି କରିଛନ୍ତି । ରାସ୍ତାର ଅବସ୍ଥା ଅତ୍ୟନ୍ତ ଶୋଚନୀୟ ହୋଇପଡ଼ିଛି । ରାସ୍ତା ସାରା ବଡ଼ ବଡ଼ ଖାଲ ସୃଷ୍ଟି ହୋଇଥିବାରୁ ଯାନବାହନ ଚଳାଚଳରେ ଅସୁବିଧା ହେଉଛି । ବର୍ଷାଦିନେ ଖାଲରେ ପାଣି ଜମି ଦୁର୍ଘଟଣା ଆଶଙ୍କା ବଢ଼ିଛି । ସ୍ଥାନୀୟ ଲୋକେ ରାସ୍ତା ମରାମତି ଦାବି କରିଛନ୍ତି ।
